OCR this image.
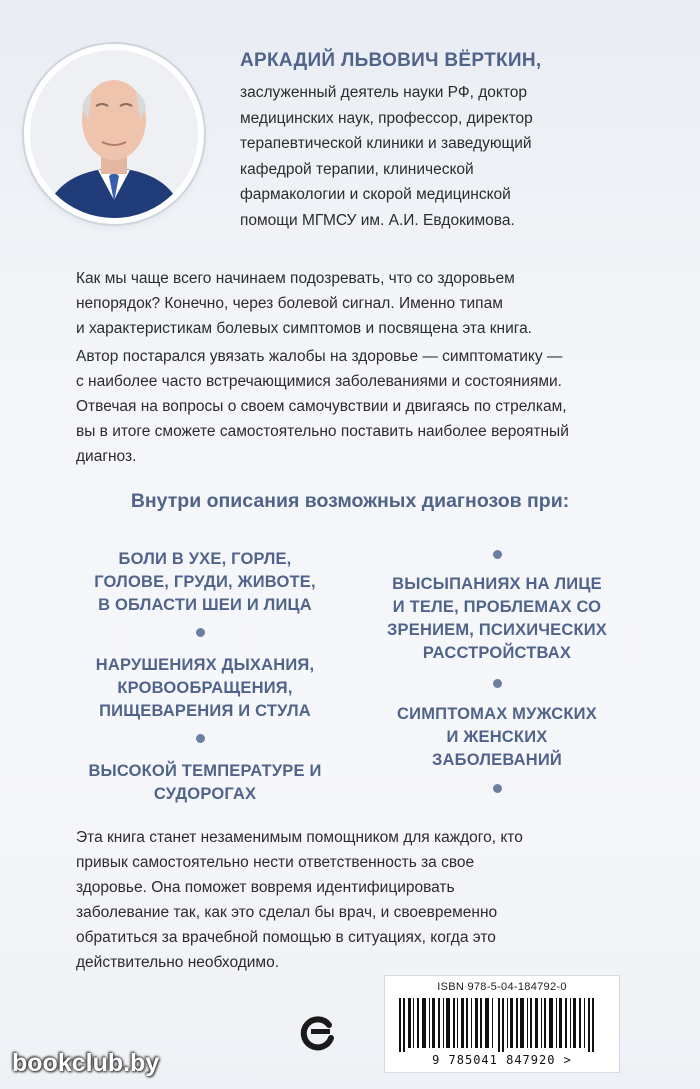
АРКАДИЙ ЛЬВОВИЧ ВЁРТКИН,
заслуженный деятель науки РФ, доктор
медицинских наук, профессор, директор
терапевтической клиники и заведующий
кафедрой терапии, клинической
фармакологии и скорой медицинской
помощи МГМСУ им. А.И. Евдокимова.
Как мы чаще всего начинаем подозревать, что со здоровьем
непорядок? Конечно, через болевой сигнал. Именно типам
и характеристикам болевых симптомов и посвящена эта книга.
Автор постарался увязать жалобы на здоровье — симптоматику —
с наиболее часто встречающимися заболеваниями и состояниями.
Отвечая на вопросы о своем самочувствии и двигаясь по стрелкам,
вы в итоге сможете самостоятельно поставить наиболее вероятный
диагноз.
Внутри описания возможных диагнозов при:
БОЛИ В УХЕ, ГОРЛЕ,
ГОЛОВЕ, ГРУДИ, ЖИВОТЕ,
В ОБЛАСТИ ШЕИ И ЛИЦА
НАРУШЕНИЯХ ДЫХАНИЯ,
КРОВООБРАЩЕНИЯ,
ПИЩЕВАРЕНИЯ И СТУЛА
ВЫСОКОЙ ТЕМПЕРАТУРЕ И
СУДОРОГАХ
ВЫСЫПАНИЯХ НА ЛИЦЕ
И ТЕЛЕ, ПРОБЛЕМАХ СО
ЗРЕНИЕМ, ПСИХИЧЕСКИХ
РАССТРОЙСТВАХ
СИМПТОМАХ МУЖСКИХ
И ЖЕНСКИХ
ЗАБОЛЕВАНИЙ
Эта книга станет незаменимым помощником для каждого, кто
привык самостоятельно нести ответственность за свое
здоровье. Она поможет вовремя идентифицировать
заболевание так, как это сделал бы врач, и своевременно
обратиться за врачебной помощью в ситуациях, когда это
действительно необходимо.
ISBN 978-5-04-184792-0
9 785041 847920 >
bookclub.by
